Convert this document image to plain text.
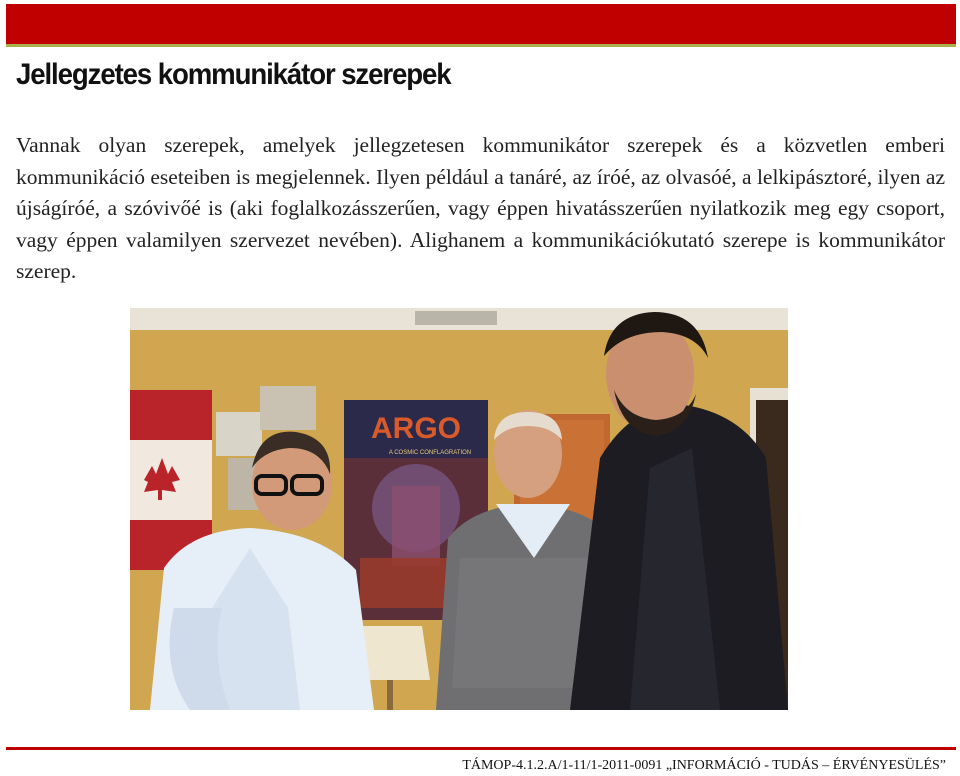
Jellegzetes kommunikátor szerepek

Vannak olyan szerepek, amelyek jellegzetesen kommunikátor szerepek és a közvetlen emberi kommunikáció eseteiben is megjelennek. Ilyen például a tanáré, az íróé, az olvasóé, a lelkipásztoré, ilyen az újságíróé, a szóvivőé is (aki foglalkozásszerűen, vagy éppen hivatásszerűen nyilatkozik meg egy csoport, vagy éppen valamilyen szervezet nevében). Alighanem a kommunikációkutató szerepe is kommunikátor szerep.

ARGO
A COSMIC CONFLAGRATION

TÁMOP-4.1.2.A/1-11/1-2011-0091 „INFORMÁCIÓ - TUDÁS – ÉRVÉNYESÜLÉS”
